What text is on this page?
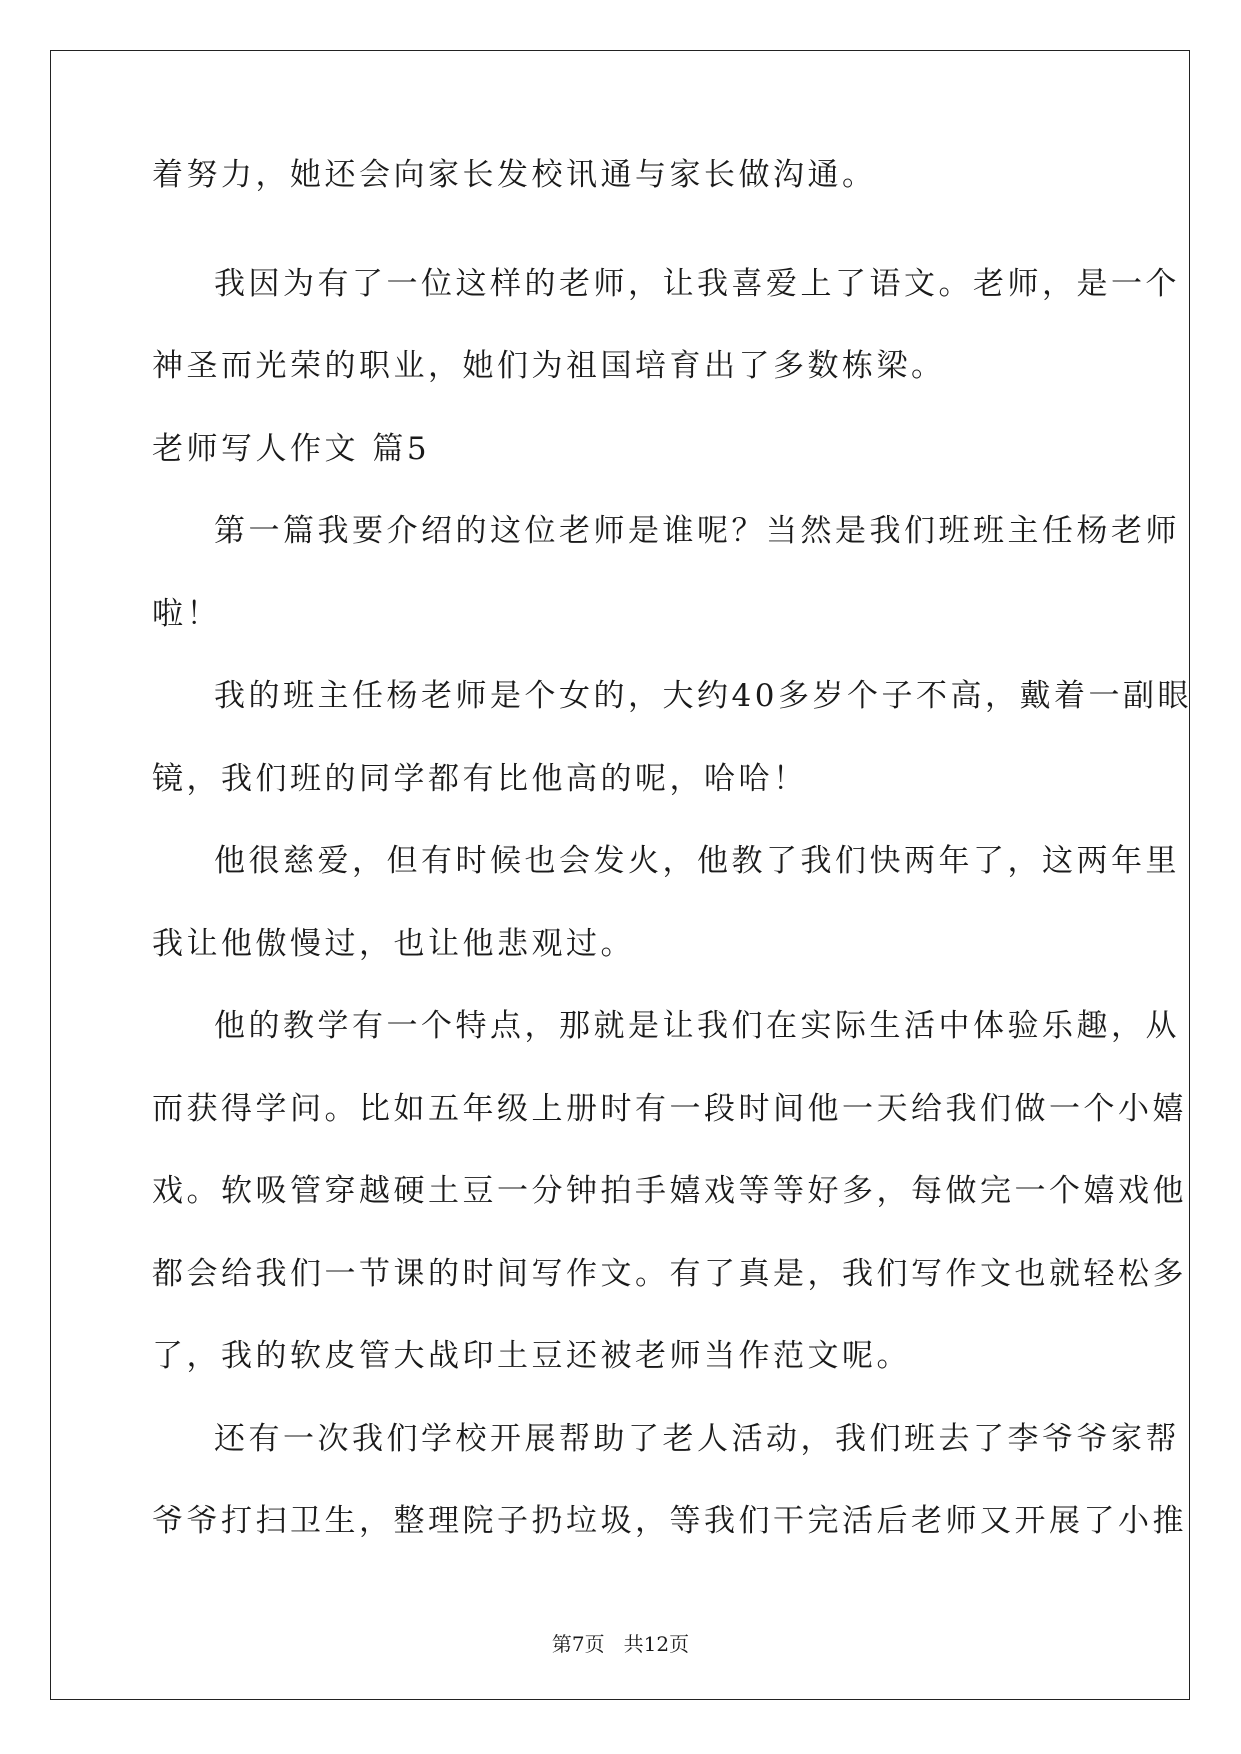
着努力，她还会向家长发校讯通与家长做沟通。

我因为有了一位这样的老师，让我喜爱上了语文。老师，是一个

神圣而光荣的职业，她们为祖国培育出了多数栋梁。

老师写人作文 篇5

第一篇我要介绍的这位老师是谁呢？当然是我们班班主任杨老师

啦！

我的班主任杨老师是个女的，大约40多岁个子不高，戴着一副眼

镜，我们班的同学都有比他高的呢，哈哈！

他很慈爱，但有时候也会发火，他教了我们快两年了，这两年里

我让他傲慢过，也让他悲观过。

他的教学有一个特点，那就是让我们在实际生活中体验乐趣，从

而获得学问。比如五年级上册时有一段时间他一天给我们做一个小嬉

戏。软吸管穿越硬土豆一分钟拍手嬉戏等等好多，每做完一个嬉戏他

都会给我们一节课的时间写作文。有了真是，我们写作文也就轻松多

了，我的软皮管大战印土豆还被老师当作范文呢。

还有一次我们学校开展帮助了老人活动，我们班去了李爷爷家帮

爷爷打扫卫生，整理院子扔垃圾，等我们干完活后老师又开展了小推

第7页   共12页
